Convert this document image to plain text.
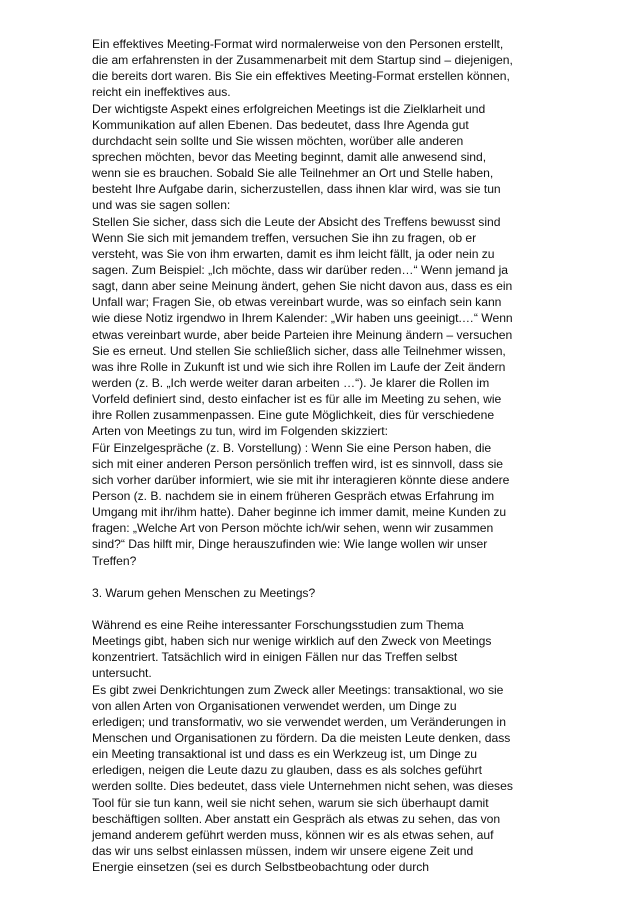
Ein effektives Meeting-Format wird normalerweise von den Personen erstellt,
die am erfahrensten in der Zusammenarbeit mit dem Startup sind – diejenigen,
die bereits dort waren. Bis Sie ein effektives Meeting-Format erstellen können,
reicht ein ineffektives aus.
Der wichtigste Aspekt eines erfolgreichen Meetings ist die Zielklarheit und
Kommunikation auf allen Ebenen. Das bedeutet, dass Ihre Agenda gut
durchdacht sein sollte und Sie wissen möchten, worüber alle anderen
sprechen möchten, bevor das Meeting beginnt, damit alle anwesend sind,
wenn sie es brauchen. Sobald Sie alle Teilnehmer an Ort und Stelle haben,
besteht Ihre Aufgabe darin, sicherzustellen, dass ihnen klar wird, was sie tun
und was sie sagen sollen:
Stellen Sie sicher, dass sich die Leute der Absicht des Treffens bewusst sind
Wenn Sie sich mit jemandem treffen, versuchen Sie ihn zu fragen, ob er
versteht, was Sie von ihm erwarten, damit es ihm leicht fällt, ja oder nein zu
sagen. Zum Beispiel: „Ich möchte, dass wir darüber reden…“ Wenn jemand ja
sagt, dann aber seine Meinung ändert, gehen Sie nicht davon aus, dass es ein
Unfall war; Fragen Sie, ob etwas vereinbart wurde, was so einfach sein kann
wie diese Notiz irgendwo in Ihrem Kalender: „Wir haben uns geeinigt.…“ Wenn
etwas vereinbart wurde, aber beide Parteien ihre Meinung ändern – versuchen
Sie es erneut. Und stellen Sie schließlich sicher, dass alle Teilnehmer wissen,
was ihre Rolle in Zukunft ist und wie sich ihre Rollen im Laufe der Zeit ändern
werden (z. B. „Ich werde weiter daran arbeiten …“). Je klarer die Rollen im
Vorfeld definiert sind, desto einfacher ist es für alle im Meeting zu sehen, wie
ihre Rollen zusammenpassen. Eine gute Möglichkeit, dies für verschiedene
Arten von Meetings zu tun, wird im Folgenden skizziert:
Für Einzelgespräche (z. B. Vorstellung) : Wenn Sie eine Person haben, die
sich mit einer anderen Person persönlich treffen wird, ist es sinnvoll, dass sie
sich vorher darüber informiert, wie sie mit ihr interagieren könnte diese andere
Person (z. B. nachdem sie in einem früheren Gespräch etwas Erfahrung im
Umgang mit ihr/ihm hatte). Daher beginne ich immer damit, meine Kunden zu
fragen: „Welche Art von Person möchte ich/wir sehen, wenn wir zusammen
sind?“ Das hilft mir, Dinge herauszufinden wie: Wie lange wollen wir unser
Treffen?
3. Warum gehen Menschen zu Meetings?
Während es eine Reihe interessanter Forschungsstudien zum Thema
Meetings gibt, haben sich nur wenige wirklich auf den Zweck von Meetings
konzentriert. Tatsächlich wird in einigen Fällen nur das Treffen selbst
untersucht.
Es gibt zwei Denkrichtungen zum Zweck aller Meetings: transaktional, wo sie
von allen Arten von Organisationen verwendet werden, um Dinge zu
erledigen; und transformativ, wo sie verwendet werden, um Veränderungen in
Menschen und Organisationen zu fördern. Da die meisten Leute denken, dass
ein Meeting transaktional ist und dass es ein Werkzeug ist, um Dinge zu
erledigen, neigen die Leute dazu zu glauben, dass es als solches geführt
werden sollte. Dies bedeutet, dass viele Unternehmen nicht sehen, was dieses
Tool für sie tun kann, weil sie nicht sehen, warum sie sich überhaupt damit
beschäftigen sollten. Aber anstatt ein Gespräch als etwas zu sehen, das von
jemand anderem geführt werden muss, können wir es als etwas sehen, auf
das wir uns selbst einlassen müssen, indem wir unsere eigene Zeit und
Energie einsetzen (sei es durch Selbstbeobachtung oder durch
